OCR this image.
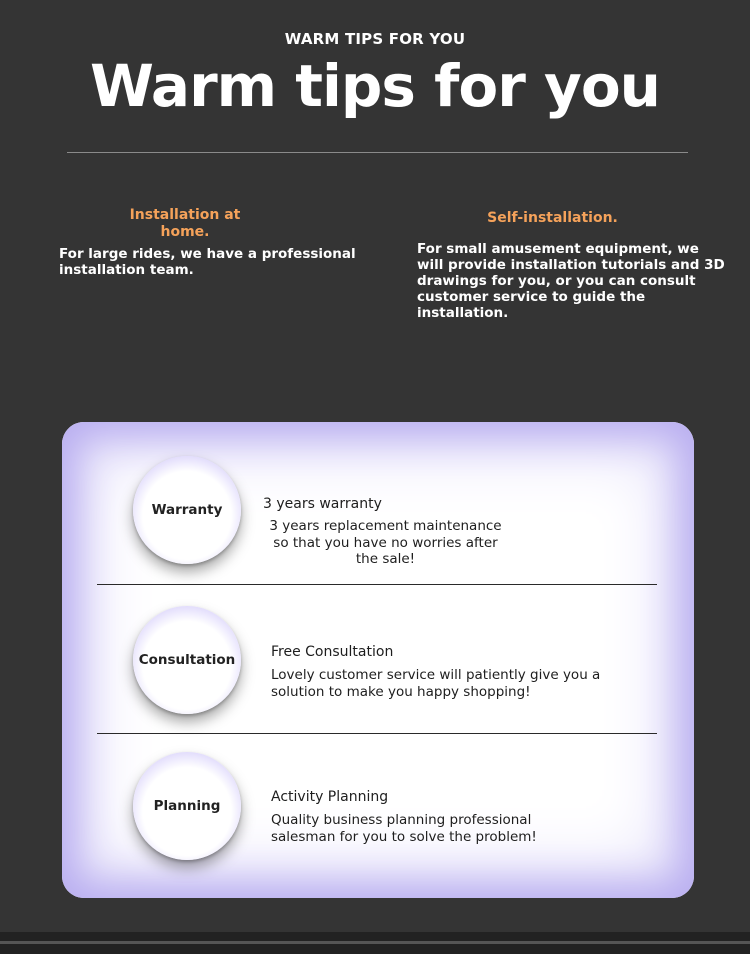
WARM TIPS FOR YOU
Warm tips for you
Installation at home.
For large rides, we have a professional installation team.
Self-installation.
For small amusement equipment, we will provide installation tutorials and 3D drawings for you, or you can consult customer service to guide the installation.
Warranty	3 years warranty
3 years replacement maintenance so that you have no worries after the sale!
Consultation	Free Consultation
Lovely customer service will patiently give you a solution to make you happy shopping!
Planning
Activity Planning
Quality business planning professional salesman for you to solve the problem!
